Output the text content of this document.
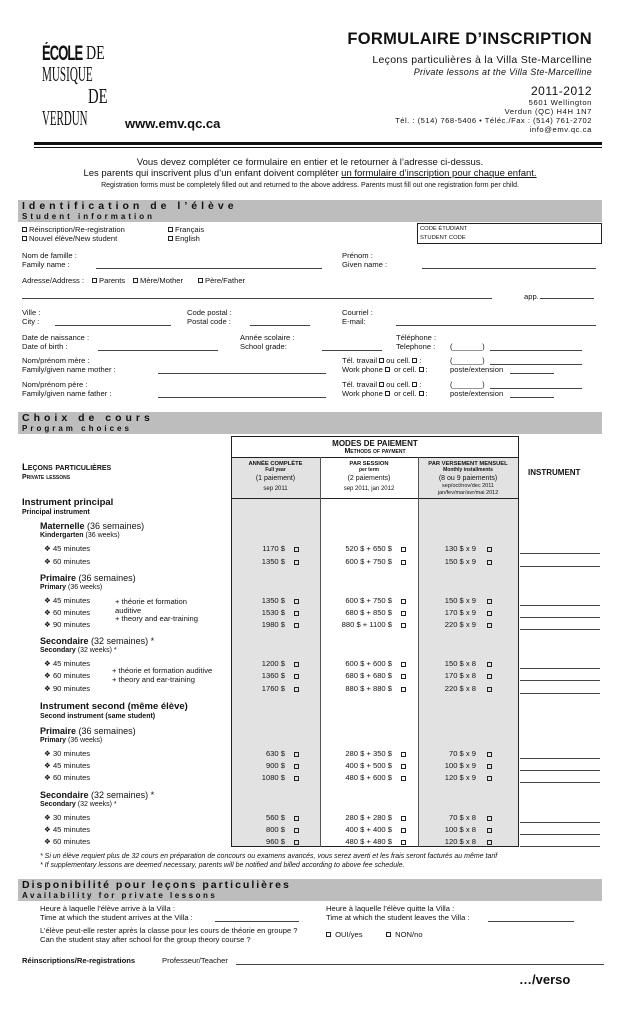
ÉCOLE DE
MUSIQUE
DE
VERDUN	www.emv.qc.ca
FORMULAIRE D’INSCRIPTION
Leçons particulières à la Villa Ste-Marcelline
Private lessons at the Villa Ste-Marcelline
2011-2012
5601 Wellington
Verdun (QC) H4H 1N7
Tél. : (514) 768-5406 • Téléc./Fax : (514) 761-2702
info@emv.qc.ca
Vous devez compléter ce formulaire en entier et le retourner à l’adresse ci-dessus.
Les parents qui inscrivent plus d’un enfant doivent compléter un formulaire d’inscription pour chaque enfant.
Registration forms must be completely filled out and returned to the above address. Parents must fill out one registration form per child.
Identification de l’élève
Student information
Réinscription/Re-registration
Nouvel élève/New student
Français
English
CODE ÉTUDIANT
STUDENT CODE
Nom de famille :
Family name :
Prénom :
Given name :
Adresse/Address :	Parents	Mère/Mother	Père/Father
app.
Ville :
City :
Code postal :
Postal code :
Courriel :
E-mail:
Date de naissance :
Date of birth :
Année scolaire :
School grade:
Téléphone :
Telephone : (_______)
Nom/prénom mère :
Family/given name mother :
Tél. travail ou cell. :
Work phone  or cell. :
(_______)
poste/extension
Nom/prénom père :
Family/given name father :
Tél. travail ou cell. :
Work phone  or cell. :
(_______)
poste/extension
Choix de cours
Program choices
MODES DE PAIEMENT
Methods of payment
ANNÉE COMPLÈTE
Full year
(1 paiement)
sep 2011
PAR SESSION
per term
(2 paiements)
sep 2011, jan 2012
PAR VERSEMENT MENSUEL
Monthly installments
(8 ou 9 paiements)
sep/oct/nov/dec 2011
jan/fev/mar/avr/mai 2012
Leçons particulières
Private lessons
INSTRUMENT
Instrument principal
Principal instrument
Instrument second (même élève)
Second instrument (same student)
+ théorie et formation auditive
+ theory and ear-training
+ théorie et formation auditive
+ theory and ear-training
Maternelle (36 semaines)
Kindergarten (36 weeks)
❖ 45 minutes	1170 $	520 $ + 650 $	130 $ x 9
❖ 60 minutes	1350 $	600 $ + 750 $	150 $ x 9
Primaire (36 semaines)
Primary (36 weeks)
❖ 45 minutes	1350 $	600 $ + 750 $	150 $ x 9
❖ 60 minutes	1530 $	680 $ + 850 $	170 $ x 9
❖ 90 minutes	1980 $	880 $ + 1100 $	220 $ x 9
Secondaire (32 semaines) *
Secondary (32 weeks) *
❖ 45 minutes	1200 $	600 $ + 600 $	150 $ x 8
❖ 60 minutes	1360 $	680 $ + 680 $	170 $ x 8
❖ 90 minutes	1760 $	880 $ + 880 $	220 $ x 8
Primaire (36 semaines)
Primary (36 weeks)
❖ 30 minutes	630 $	280 $ + 350 $	70 $ x 9
❖ 45 minutes	900 $	400 $ + 500 $	100 $ x 9
❖ 60 minutes	1080 $	480 $ + 600 $	120 $ x 9
Secondaire (32 semaines) *
Secondary (32 weeks) *
❖ 30 minutes	560 $	280 $ + 280 $	70 $ x 8
❖ 45 minutes	800 $	400 $ + 400 $	100 $ x 8
❖ 60 minutes	960 $	480 $ + 480 $	120 $ x 8
* Si un élève requiert plus de 32 cours en préparation de concours ou examens avancés, vous serez averti et les frais seront facturés au même tarif
* If supplementary lessons are deemed necessary, parents will be notified and billed according to above fee schedule.
Disponibilité pour leçons particulières
Availability for private lessons
Heure à laquelle l’élève arrive à la Villa :
Time at which the student arrives at the Villa :
Heure à laquelle l’élève quitte la Villa :
Time at which the student leaves the Villa :
L’élève peut-elle rester après la classe pour les cours de théorie en groupe ?
Can the student stay after school for the group theory course ?
OUI/yes	NON/no
Réinscriptions/Re-registrations	Professeur/Teacher
…/verso
